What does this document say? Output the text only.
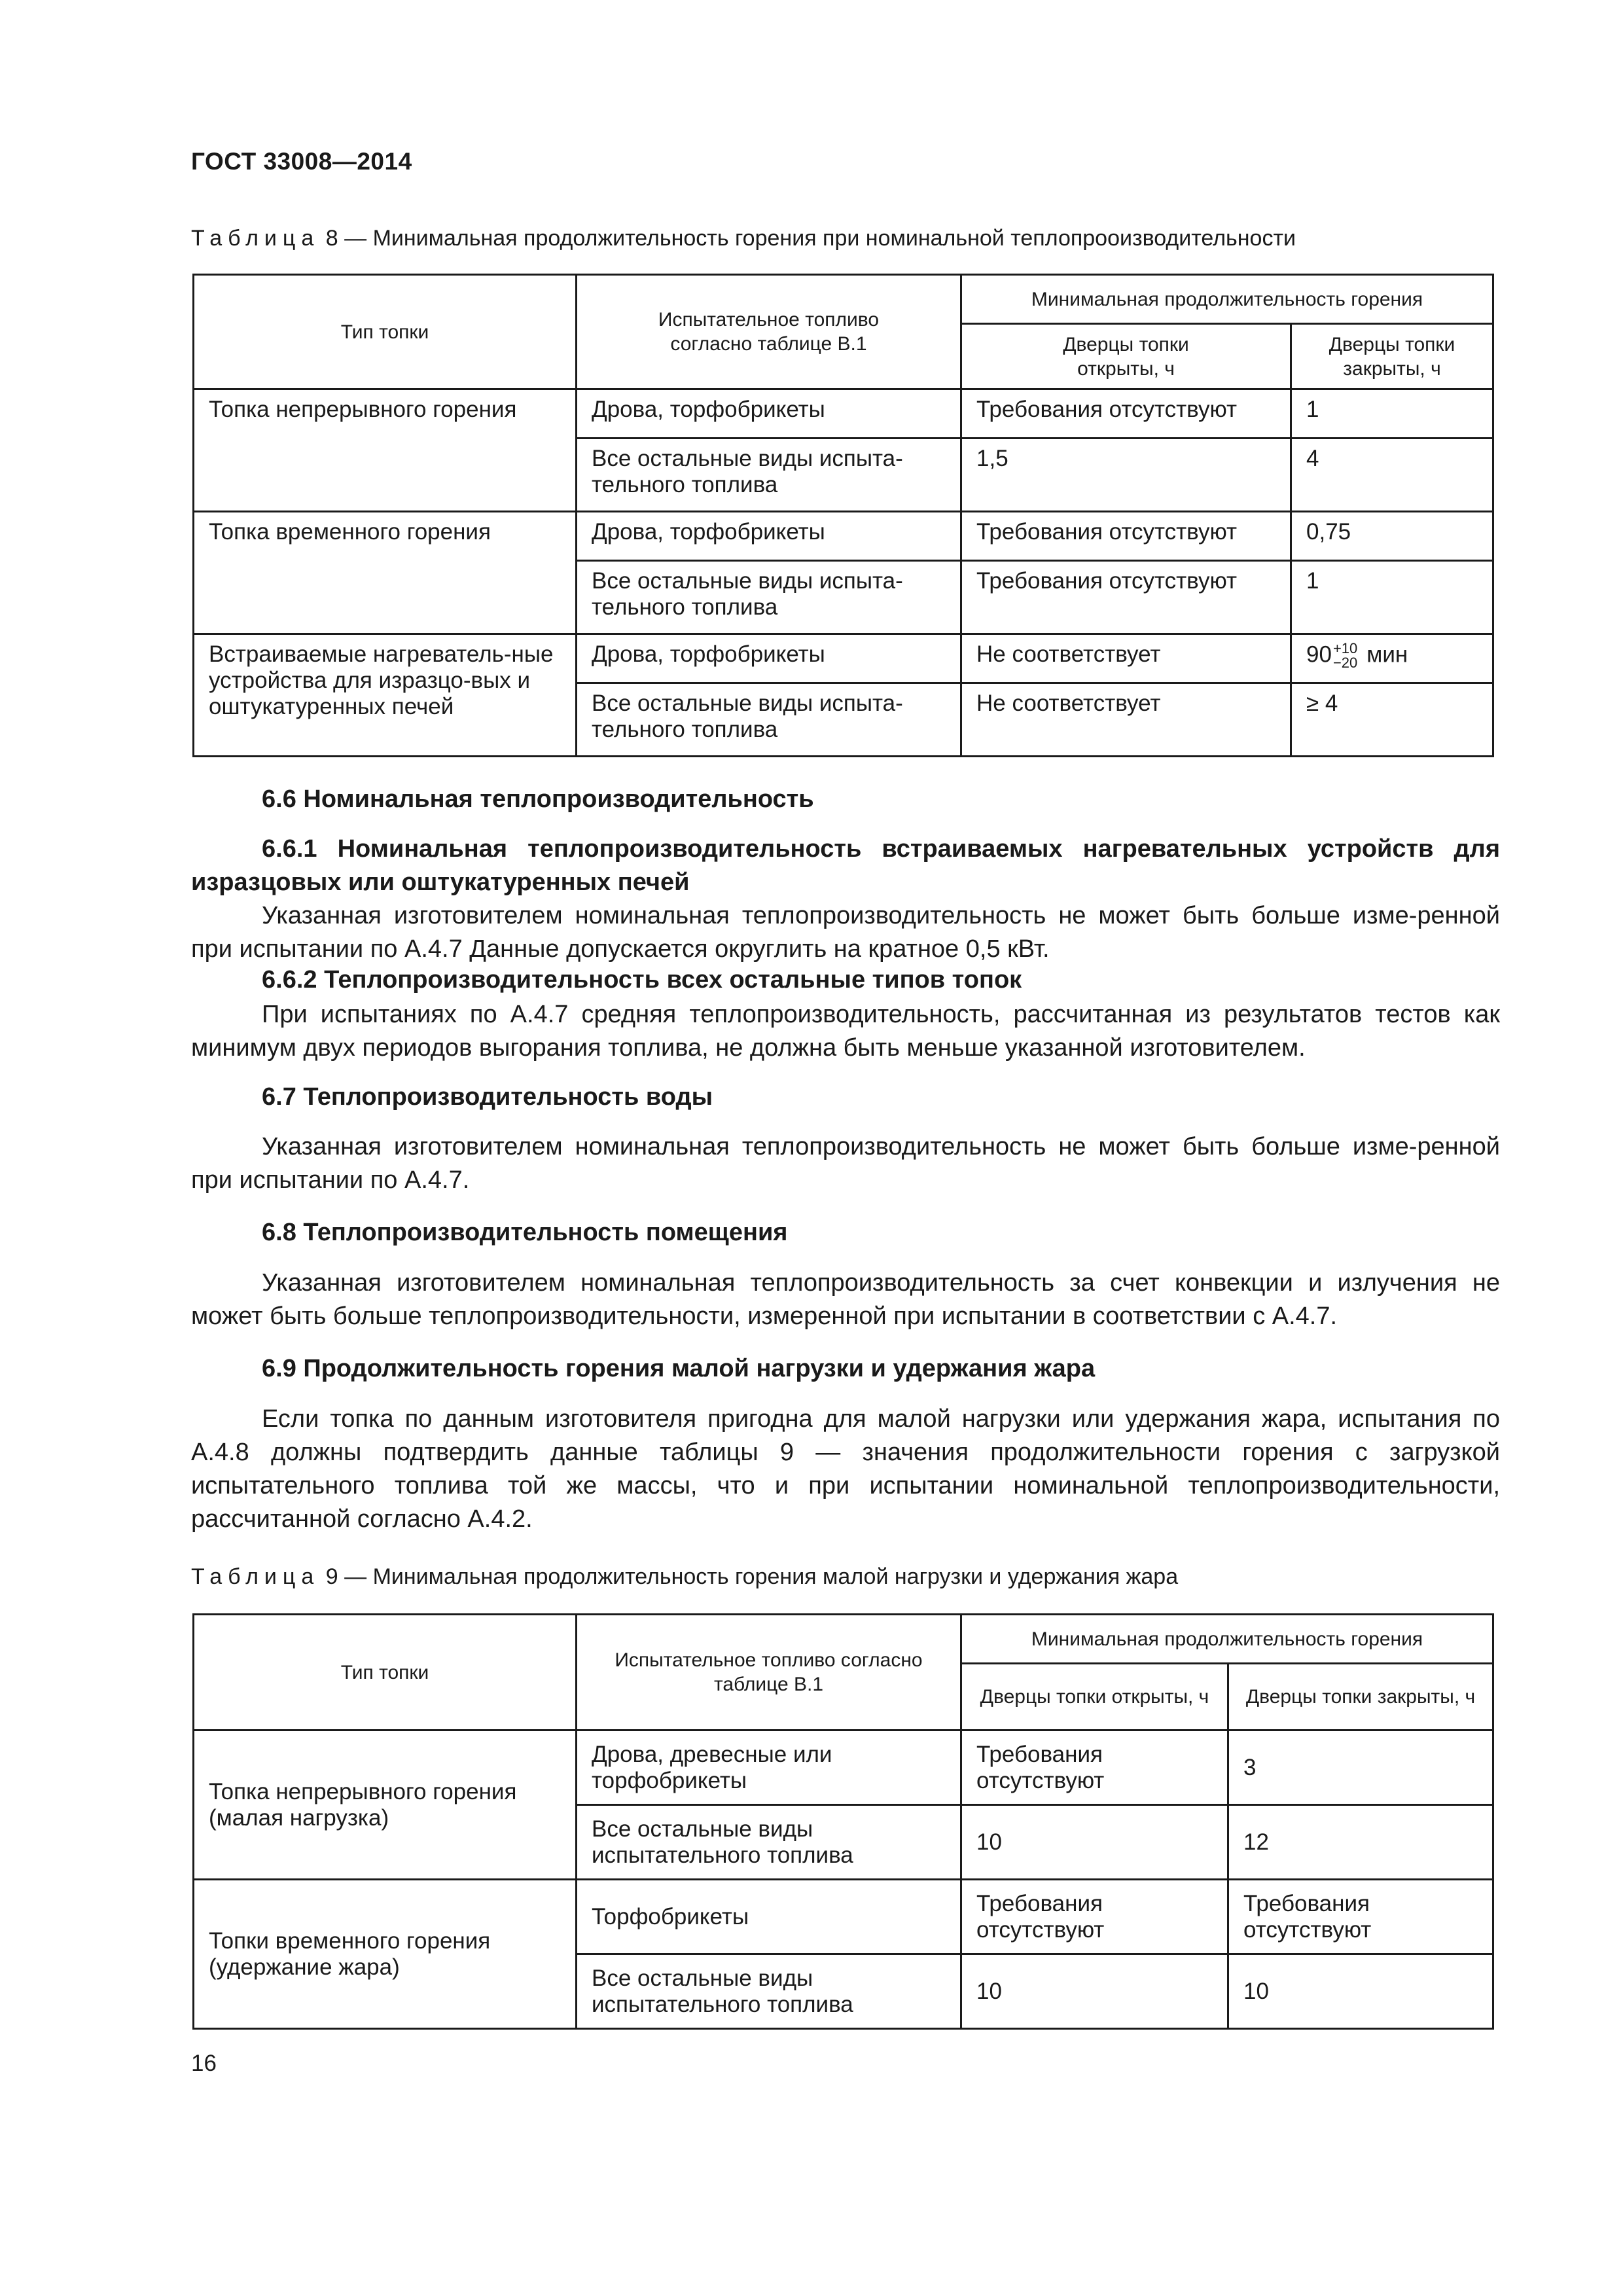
ГОСТ 33008—2014
Таблица 8 — Минимальная продолжительность горения при номинальной теплопрооизводительности
Тип топки	Испытательное топливо согласно таблице В.1	Минимальная продолжительность горения	
		Дверцы топки открыты, ч	Дверцы топки закрыты, ч
Топка непрерывного горения	Дрова, торфобрикеты	Требования отсутствуют	1
	Все остальные виды испыта-тельного топлива	1,5	4
Топка временного горения	Дрова, торфобрикеты	Требования отсутствуют	0,75
	Все остальные виды испыта-тельного топлива	Требования отсутствуют	1
Встраиваемые нагреватель-ные устройства для изразцо-вых и оштукатуренных печей	Дрова, торфобрикеты	Не соответствует	90+10
−20 мин
	Все остальные виды испыта-тельного топлива	Не соответствует	≥ 4
6.6 Номинальная теплопроизводительность
6.6.1 Номинальная теплопроизводительность встраиваемых нагревательных устройств для изразцовых или оштукатуренных печей
Указанная изготовителем номинальная теплопроизводительность не может быть больше изме-ренной при испытании по А.4.7 Данные допускается округлить на кратное 0,5 кВт.
6.6.2 Теплопроизводительность всех остальные типов топок
При испытаниях по А.4.7 средняя теплопроизводительность, рассчитанная из результатов тестов как минимум двух периодов выгорания топлива, не должна быть меньше указанной изготовителем.
6.7 Теплопроизводительность воды
Указанная изготовителем номинальная теплопроизводительность не может быть больше изме-ренной при испытании по А.4.7.
6.8 Теплопроизводительность помещения
Указанная изготовителем номинальная теплопроизводительность за счет конвекции и излучения не может быть больше теплопроизводительности, измеренной при испытании в соответствии с А.4.7.
6.9 Продолжительность горения малой нагрузки и удержания жара
Если топка по данным изготовителя пригодна для малой нагрузки или удержания жара, испытания по А.4.8 должны подтвердить данные таблицы 9 — значения продолжительности горения с загрузкой испытательного топлива той же массы, что и при испытании номинальной теплопроизводительности, рассчитанной согласно А.4.2.
Таблица 9 — Минимальная продолжительность горения малой нагрузки и удержания жара
Тип топки	Испытательное топливо согласно таблице В.1	Минимальная продолжительность горения	
		Дверцы топки открыты, ч	Дверцы топки закрыты, ч
Топка непрерывного горения (малая нагрузка)	Дрова, древесные или торфобрикеты	Требования отсутствуют	3
	Все остальные виды испытательного топлива	10	12
Топки временного горения (удержание жара)	Торфобрикеты	Требования отсутствуют	Требования отсутствуют
	Все остальные виды испытательного топлива	10	10
16
